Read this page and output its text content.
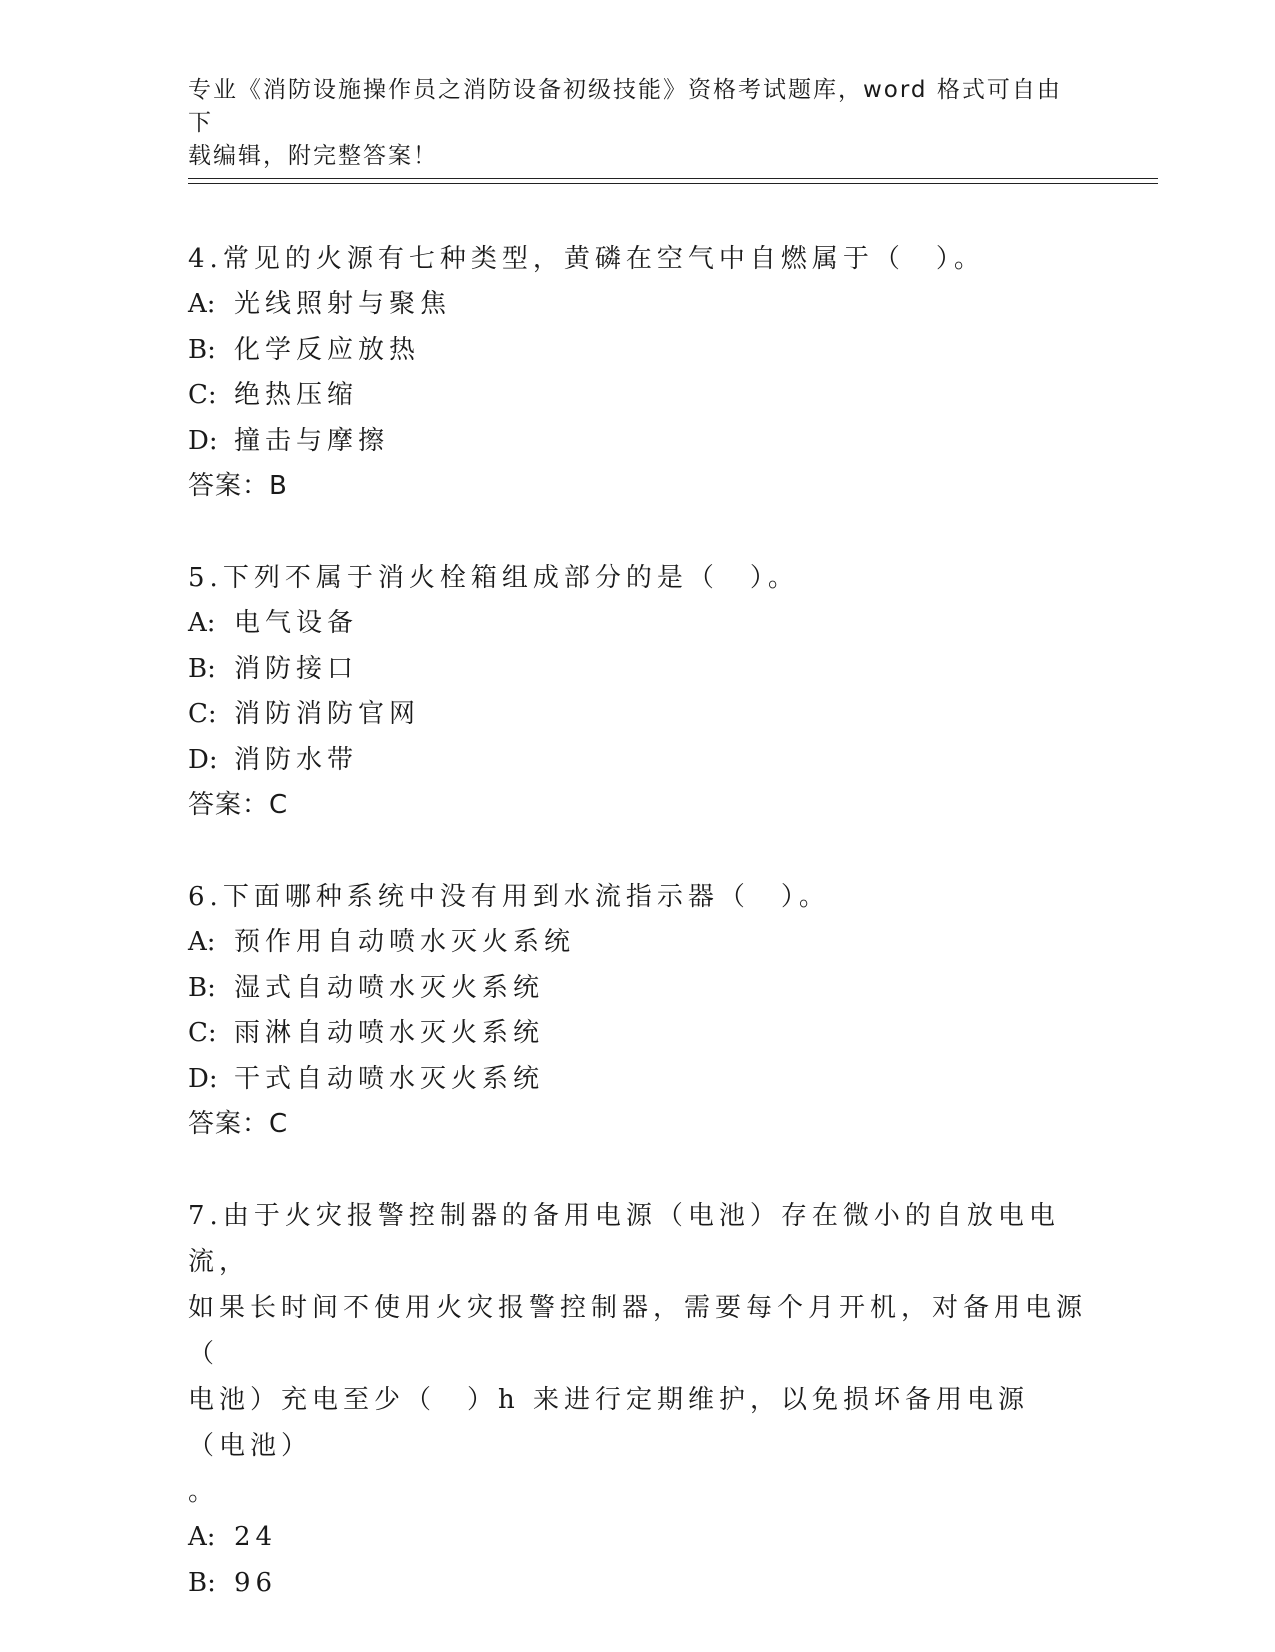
专业《消防设施操作员之消防设备初级技能》资格考试题库，word 格式可自由下
载编辑，附完整答案！

4.常见的火源有七种类型，黄磷在空气中自燃属于（　）。

A: 光线照射与聚焦
B: 化学反应放热
C: 绝热压缩
D: 撞击与摩擦
答案：B

5.下列不属于消火栓箱组成部分的是（　）。

A: 电气设备
B: 消防接口
C: 消防消防官网
D: 消防水带
答案：C

6.下面哪种系统中没有用到水流指示器（　）。

A: 预作用自动喷水灭火系统
B: 湿式自动喷水灭火系统
C: 雨淋自动喷水灭火系统
D: 干式自动喷水灭火系统
答案：C

7.由于火灾报警控制器的备用电源（电池）存在微小的自放电电流，

如果长时间不使用火灾报警控制器，需要每个月开机，对备用电源（

电池）充电至少（　）h 来进行定期维护，以免损坏备用电源（电池）

。

A: 24
B: 96
